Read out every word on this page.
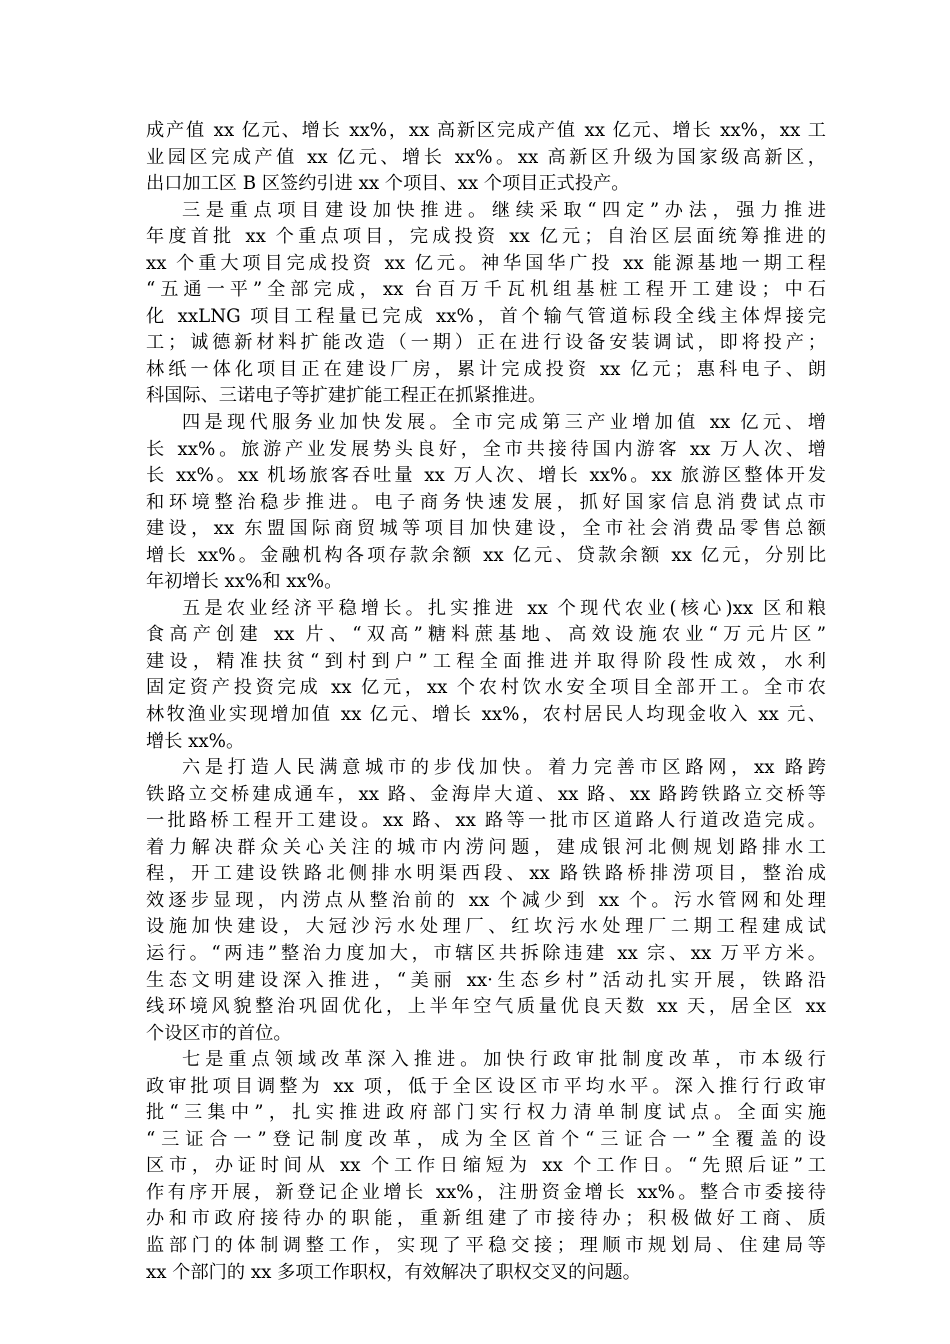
成产值 xx 亿元、增长 xx%，xx 高新区完成产值 xx 亿元、增长 xx%，xx 工
业园区完成产值 xx 亿元、增长 xx%。xx 高新区升级为国家级高新区，
出口加工区 B 区签约引进 xx 个项目、xx 个项目正式投产。
三是重点项目建设加快推进。继续采取“四定”办法，强力推进
年度首批 xx 个重点项目，完成投资 xx 亿元；自治区层面统筹推进的
xx 个重大项目完成投资 xx 亿元。神华国华广投 xx 能源基地一期工程
“五通一平”全部完成，xx 台百万千瓦机组基桩工程开工建设；中石
化 xxLNG 项目工程量已完成 xx%，首个输气管道标段全线主体焊接完
工；诚德新材料扩能改造（一期）正在进行设备安装调试，即将投产；
林纸一体化项目正在建设厂房，累计完成投资 xx 亿元；惠科电子、朗
科国际、三诺电子等扩建扩能工程正在抓紧推进。
四是现代服务业加快发展。全市完成第三产业增加值 xx 亿元、增
长 xx%。旅游产业发展势头良好，全市共接待国内游客 xx 万人次、增
长 xx%。xx 机场旅客吞吐量 xx 万人次、增长 xx%。xx 旅游区整体开发
和环境整治稳步推进。电子商务快速发展，抓好国家信息消费试点市
建设，xx 东盟国际商贸城等项目加快建设，全市社会消费品零售总额
增长 xx%。金融机构各项存款余额 xx 亿元、贷款余额 xx 亿元，分别比
年初增长 xx%和 xx%。
五是农业经济平稳增长。扎实推进 xx 个现代农业(核心)xx 区和粮
食高产创建 xx 片、“双高”糖料蔗基地、高效设施农业“万元片区”
建设，精准扶贫“到村到户”工程全面推进并取得阶段性成效，水利
固定资产投资完成 xx 亿元，xx 个农村饮水安全项目全部开工。全市农
林牧渔业实现增加值 xx 亿元、增长 xx%，农村居民人均现金收入 xx 元、
增长 xx%。
六是打造人民满意城市的步伐加快。着力完善市区路网，xx 路跨
铁路立交桥建成通车，xx 路、金海岸大道、xx 路、xx 路跨铁路立交桥等
一批路桥工程开工建设。xx 路、xx 路等一批市区道路人行道改造完成。
着力解决群众关心关注的城市内涝问题，建成银河北侧规划路排水工
程，开工建设铁路北侧排水明渠西段、xx 路铁路桥排涝项目，整治成
效逐步显现，内涝点从整治前的 xx 个减少到 xx 个。污水管网和处理
设施加快建设，大冠沙污水处理厂、红坎污水处理厂二期工程建成试
运行。“两违”整治力度加大，市辖区共拆除违建 xx 宗、xx 万平方米。
生态文明建设深入推进，“美丽 xx·生态乡村”活动扎实开展，铁路沿
线环境风貌整治巩固优化，上半年空气质量优良天数 xx 天，居全区 xx
个设区市的首位。
七是重点领域改革深入推进。加快行政审批制度改革，市本级行
政审批项目调整为 xx 项，低于全区设区市平均水平。深入推行行政审
批“三集中”，扎实推进政府部门实行权力清单制度试点。全面实施
“三证合一”登记制度改革，成为全区首个“三证合一”全覆盖的设
区市，办证时间从 xx 个工作日缩短为 xx 个工作日。“先照后证”工
作有序开展，新登记企业增长 xx%，注册资金增长 xx%。整合市委接待
办和市政府接待办的职能，重新组建了市接待办；积极做好工商、质
监部门的体制调整工作，实现了平稳交接；理顺市规划局、住建局等
xx 个部门的 xx 多项工作职权，有效解决了职权交叉的问题。
